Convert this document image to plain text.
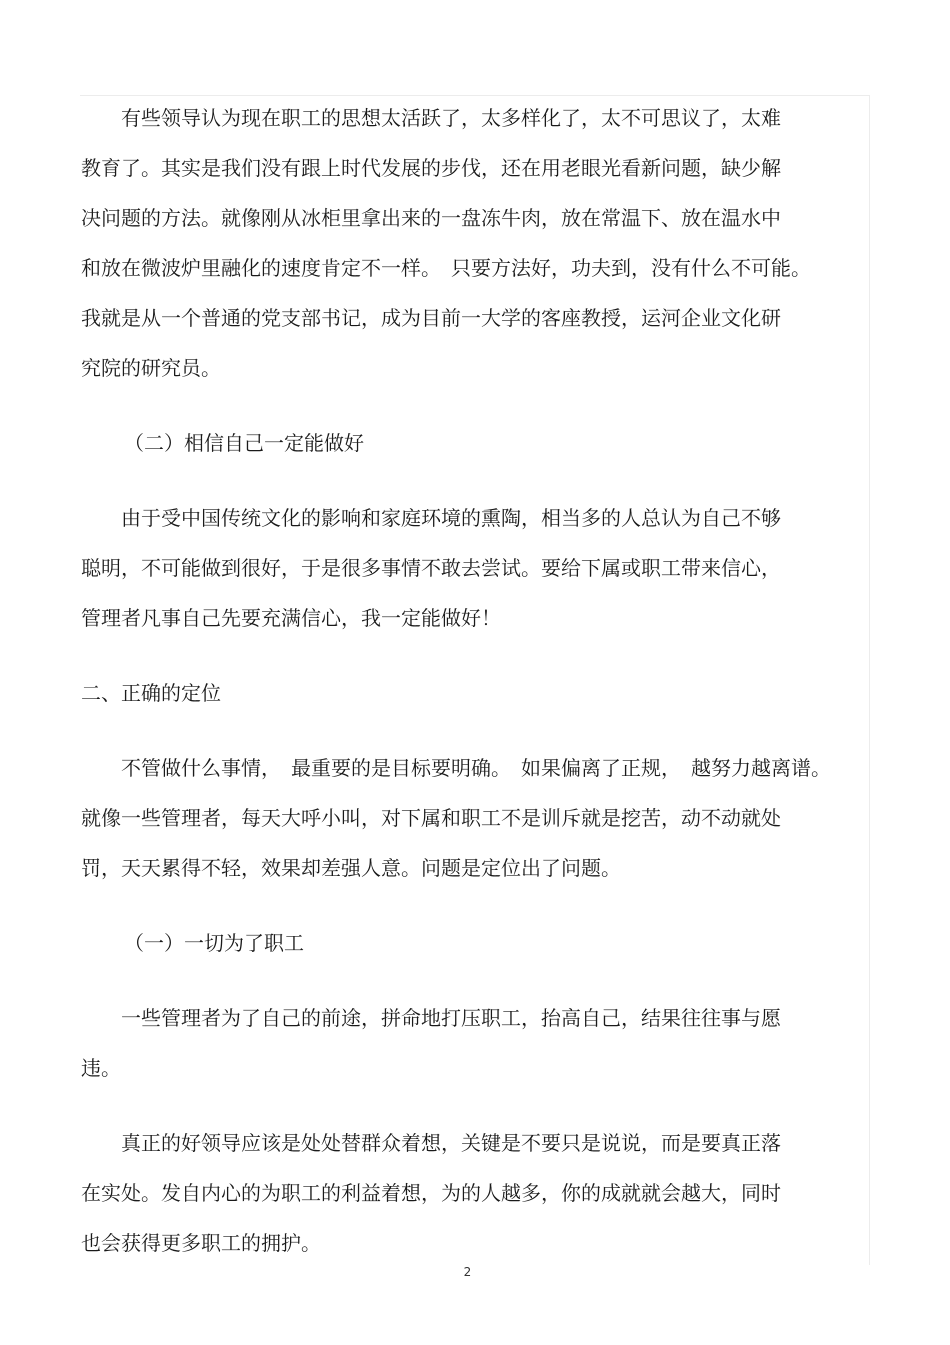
有些领导认为现在职工的思想太活跃了，太多样化了，太不可思议了，太难
教育了。其实是我们没有跟上时代发展的步伐，还在用老眼光看新问题，缺少解
决问题的方法。就像刚从冰柜里拿出来的一盘冻牛肉，放在常温下、放在温水中
和放在微波炉里融化的速度肯定不一样。　只要方法好，功夫到，没有什么不可能。
我就是从一个普通的党支部书记，成为目前一大学的客座教授，运河企业文化研
究院的研究员。
（二）相信自己一定能做好
由于受中国传统文化的影响和家庭环境的熏陶，相当多的人总认为自己不够
聪明，不可能做到很好，于是很多事情不敢去尝试。要给下属或职工带来信心，
管理者凡事自己先要充满信心，我一定能做好！
二、正确的定位
不管做什么事情，　最重要的是目标要明确。　如果偏离了正规，　越努力越离谱。
就像一些管理者，每天大呼小叫，对下属和职工不是训斥就是挖苦，动不动就处
罚，天天累得不轻，效果却差强人意。问题是定位出了问题。
（一）一切为了职工
一些管理者为了自己的前途，拼命地打压职工，抬高自己，结果往往事与愿
违。
真正的好领导应该是处处替群众着想，关键是不要只是说说，而是要真正落
在实处。发自内心的为职工的利益着想，为的人越多，你的成就就会越大，同时
也会获得更多职工的拥护。
2
